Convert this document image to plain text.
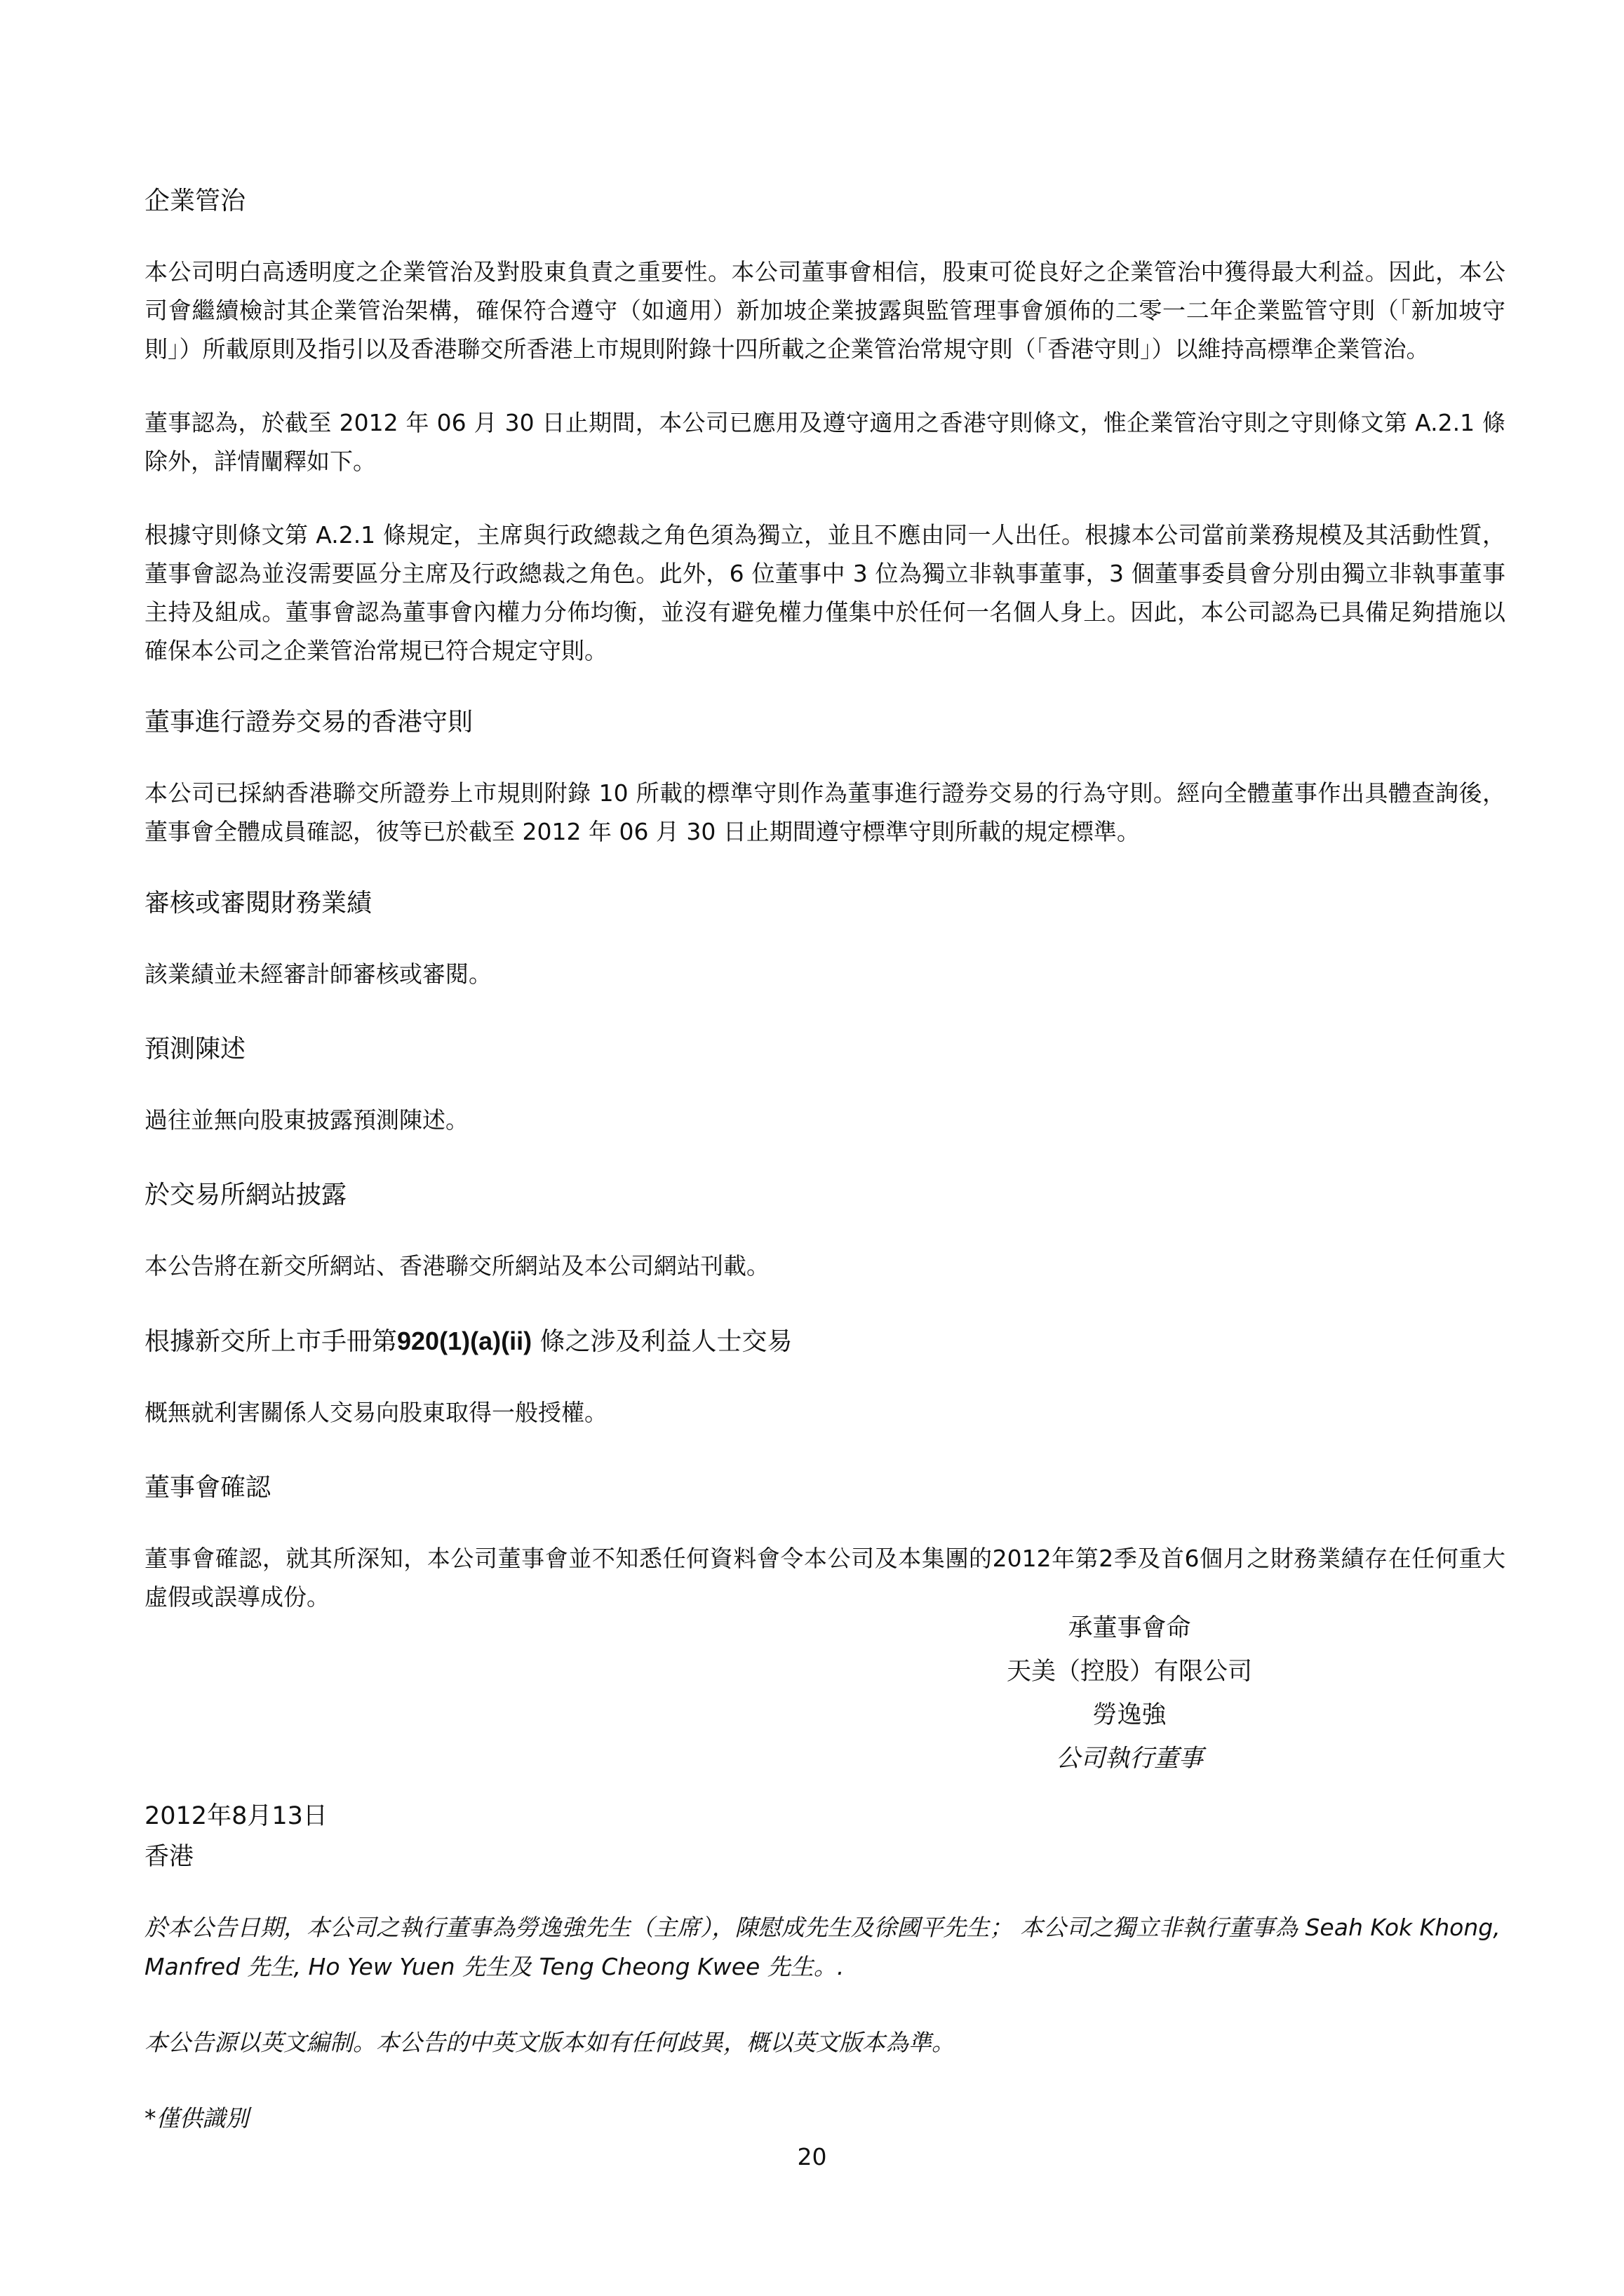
企業管治

本公司明白高透明度之企業管治及對股東負責之重要性。本公司董事會相信，股東可從良好之企業管治中獲得最大利益。因此，本公司會繼續檢討其企業管治架構，確保符合遵守（如適用）新加坡企業披露與監管理事會頒佈的二零一二年企業監管守則（「新加坡守則」）所載原則及指引以及香港聯交所香港上市規則附錄十四所載之企業管治常規守則（「香港守則」）以維持高標準企業管治。

董事認為，於截至 2012 年 06 月 30 日止期間，本公司已應用及遵守適用之香港守則條文，惟企業管治守則之守則條文第 A.2.1 條除外，詳情闡釋如下。

根據守則條文第 A.2.1 條規定，主席與行政總裁之角色須為獨立，並且不應由同一人出任。根據本公司當前業務規模及其活動性質，董事會認為並沒需要區分主席及行政總裁之角色。此外，6 位董事中 3 位為獨立非執事董事，3 個董事委員會分別由獨立非執事董事主持及組成。董事會認為董事會內權力分佈均衡，並沒有避免權力僅集中於任何一名個人身上。因此，本公司認為已具備足夠措施以確保本公司之企業管治常規已符合規定守則。

董事進行證券交易的香港守則

本公司已採納香港聯交所證券上市規則附錄 10 所載的標準守則作為董事進行證券交易的行為守則。經向全體董事作出具體查詢後，董事會全體成員確認，彼等已於截至 2012 年 06 月 30 日止期間遵守標準守則所載的規定標準。

審核或審閱財務業績

該業績並未經審計師審核或審閱。

預測陳述

過往並無向股東披露預測陳述。

於交易所網站披露

本公告將在新交所網站、香港聯交所網站及本公司網站刊載。

根據新交所上市手冊第920(1)(a)(ii) 條之涉及利益人士交易

概無就利害關係人交易向股東取得一般授權。

董事會確認

董事會確認，就其所深知，本公司董事會並不知悉任何資料會令本公司及本集團的2012年第2季及首6個月之財務業績存在任何重大虛假或誤導成份。

承董事會命
天美（控股）有限公司
勞逸強
公司執行董事
2012年8月13日
香港

於本公告日期，本公司之執行董事為勞逸強先生（主席），陳慰成先生及徐國平先生； 本公司之獨立非執行董事為 Seah Kok Khong, Manfred 先生, Ho Yew Yuen 先生及 Teng Cheong Kwee 先生。.

本公告源以英文編制。本公告的中英文版本如有任何歧異，概以英文版本為準。

*僅供識別

20
